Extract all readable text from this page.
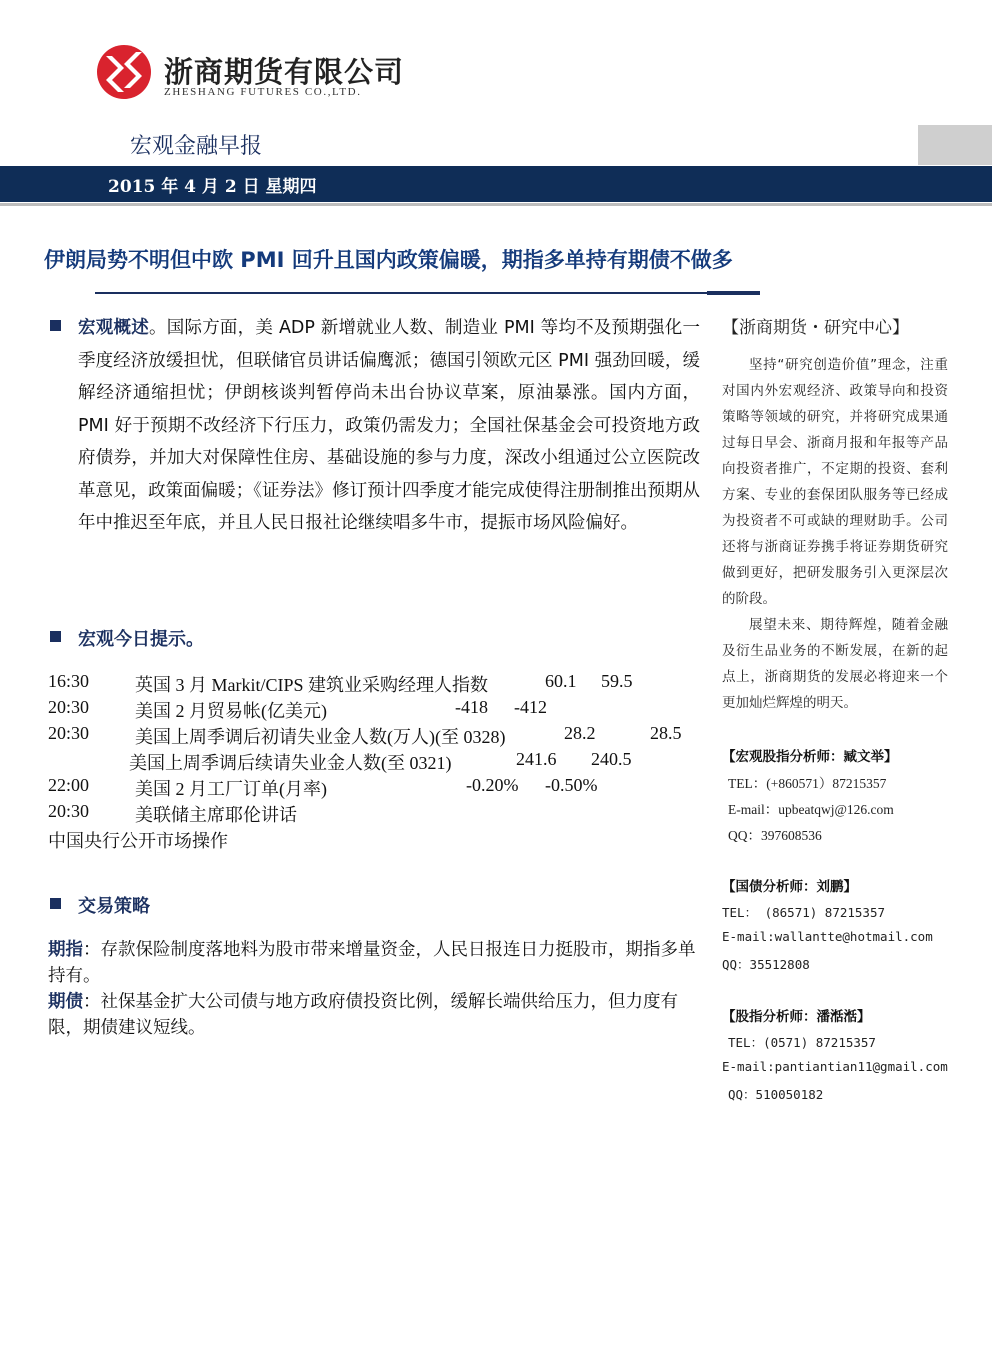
浙商期货有限公司
ZHESHANG FUTURES CO.,LTD.
宏观金融早报
2015 年 4 月 2 日 星期四
伊朗局势不明但中欧 PMI 回升且国内政策偏暖，期指多单持有期债不做多
宏观概述。国际方面，美 ADP 新增就业人数、制造业 PMI 等均不及预期强化一季度经济放缓担忧，但联储官员讲话偏鹰派；德国引领欧元区 PMI 强劲回暖，缓解经济通缩担忧；伊朗核谈判暂停尚未出台协议草案，原油暴涨。国内方面，PMI 好于预期不改经济下行压力，政策仍需发力；全国社保基金会可投资地方政府债券，并加大对保障性住房、基础设施的参与力度，深改小组通过公立医院改革意见，政策面偏暖；《证券法》修订预计四季度才能完成使得注册制推出预期从年中推迟至年底，并且人民日报社论继续唱多牛市，提振市场风险偏好。
宏观今日提示。
16:30	英国 3 月 Markit/CIPS 建筑业采购经理人指数	60.1 59.5
20:30	美国 2 月贸易帐(亿美元)	-418 -412
20:30	美国上周季调后初请失业金人数(万人)(至 0328)	28.2	28.5
美国上周季调后续请失业金人数(至 0321)	241.6 240.5
22:00	美国 2 月工厂订单(月率)	-0.20% -0.50%
20:30	美联储主席耶伦讲话
中国央行公开市场操作
交易策略
期指：存款保险制度落地料为股市带来增量资金，人民日报连日力挺股市，期指多单持有。
期债：社保基金扩大公司债与地方政府债投资比例，缓解长端供给压力，但力度有限，期债建议短线。
【浙商期货・研究中心】

坚持“研究创造价值”理念，注重对国内外宏观经济、政策导向和投资策略等领域的研究，并将研究成果通过每日早会、浙商月报和年报等产品向投资者推广，不定期的投资、套利方案、专业的套保团队服务等已经成为投资者不可或缺的理财助手。公司还将与浙商证券携手将证券期货研究做到更好，把研发服务引入更深层次的阶段。

展望未来、期待辉煌，随着金融及衍生品业务的不断发展，在新的起点上，浙商期货的发展必将迎来一个更加灿烂辉煌的明天。

【宏观股指分析师：臧文举】
TEL：(+860571）87215357
E-mail：upbeatqwj@126.com
QQ：397608536
【国债分析师：刘鹏】
TEL： (86571) 87215357
E-mail:wallantte@hotmail.com
QQ：35512808
【股指分析师：潘湉湉】
TEL：(0571) 87215357
E-mail:pantiantian11@gmail.com
QQ：510050182
